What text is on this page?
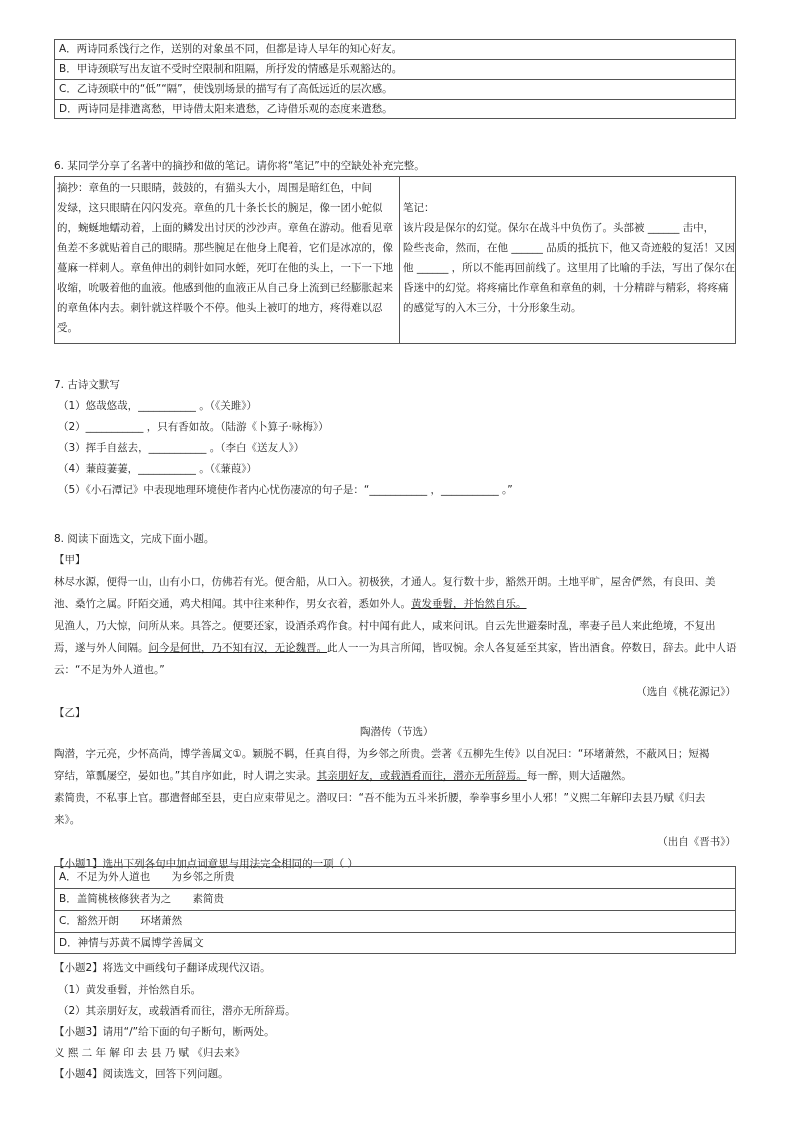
A．两诗同系饯行之作，送别的对象虽不同，但都是诗人早年的知心好友。
B．甲诗颈联写出友谊不受时空限制和阻隔，所抒发的情感是乐观豁达的。
C．乙诗颈联中的“低”“隔”，使饯别场景的描写有了高低远近的层次感。
D．两诗同是排遣离愁，甲诗借太阳来遣愁，乙诗借乐观的态度来遣愁。
6. 某同学分享了名著中的摘抄和做的笔记。请你将“笔记”中的空缺处补充完整。
摘抄：章鱼的一只眼睛，鼓鼓的，有猫头大小，周围是暗红色，中间
发绿，这只眼睛在闪闪发亮。章鱼的几十条长长的腕足，像一团小蛇似
的，蜿蜒地蠕动着，上面的鳞发出讨厌的沙沙声。章鱼在游动。他看见章
鱼差不多就贴着自己的眼睛。那些腕足在他身上爬着，它们是冰凉的，像
蔓麻一样刺人。章鱼伸出的刺针如同水蛭，死叮在他的头上，一下一下地
收缩，吮吸着他的血液。他感到他的血液正从自己身上流到已经膨胀起来
的章鱼体内去。刺针就这样吸个不停。他头上被叮的地方，疼得难以忍
受。
笔记：
该片段是保尔的幻觉。保尔在战斗中负伤了。头部被 ______ 击中，
险些丧命，然而，在他 ______ 品质的抵抗下，他又奇迹般的复活！又因
他 ______ ，所以不能再回前线了。这里用了比喻的手法，写出了保尔在
昏迷中的幻觉。将疼痛比作章鱼和章鱼的刺，十分精辟与精彩，将疼痛
的感觉写的入木三分，十分形象生动。
7. 古诗文默写
（1）悠哉悠哉，___________ 。（《关雎》）
（2）___________ ，只有香如故。（陆游《卜算子·咏梅》）
（3）挥手自兹去，___________ 。（李白《送友人》）
（4）蒹葭萋萋，___________ 。（《蒹葭》）
（5）《小石潭记》中表现地理环境使作者内心忧伤凄凉的句子是：“___________ ，___________ 。”
8. 阅读下面选文，完成下面小题。
【甲】
林尽水源，便得一山，山有小口，仿佛若有光。便舍船，从口入。初极狭，才通人。复行数十步，豁然开朗。土地平旷，屋舍俨然，有良田、美
池、桑竹之属。阡陌交通，鸡犬相闻。其中往来种作，男女衣着，悉如外人。黄发垂髫，并怡然自乐。
见渔人，乃大惊，问所从来。具答之。便要还家，设酒杀鸡作食。村中闻有此人，咸来问讯。自云先世避秦时乱，率妻子邑人来此绝境，不复出
焉，遂与外人间隔。问今是何世，乃不知有汉，无论魏晋。此人一一为具言所闻，皆叹惋。余人各复延至其家，皆出酒食。停数日，辞去。此中人语
云：“不足为外人道也。”
（选自《桃花源记》）
【乙】
陶潜传（节选）
陶潜，字元亮，少怀高尚，博学善属文①。颖脱不羁，任真自得，为乡邻之所贵。尝著《五柳先生传》以自况曰：“环堵萧然，不蔽风日；短褐
穿结，箪瓢屡空，晏如也。”其自序如此，时人谓之实录。其亲朋好友，或载酒肴而往，潜亦无所辞焉。每一醉，则大适融然。
素简贵，不私事上官。郡遣督邮至县，吏白应束带见之。潜叹曰：“吾不能为五斗米折腰，拳拳事乡里小人邪！”义熙二年解印去县乃赋《归去
来》。
（出自《晋书》）
【小题1】选出下列各句中加点词意思与用法完全相同的一项（ ）
A．不足为外人道也 为乡邻之所贵
B．盖简桃核修狭者为之 素简贵
C．豁然开朗 环堵萧然
D．神情与苏黄不属博学善属文
【小题2】将选文中画线句子翻译成现代汉语。
（1）黄发垂髫，并怡然自乐。
（2）其亲朋好友，或载酒肴而往，潜亦无所辞焉。
【小题3】请用“/”给下面的句子断句，断两处。
义 熙 二 年 解 印 去 县 乃 赋 《归去来》
【小题4】阅读选文，回答下列问题。
